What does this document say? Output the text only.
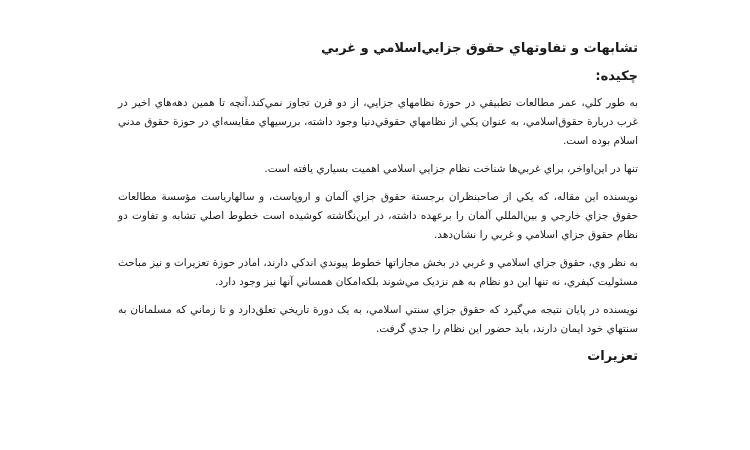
تشابهات و تفاوتهاي حقوق جزايي‌اسلامي و غربي
چکيده:

به طور کلي، عمر مطالعات تطبيقي در حوزة نظامهاي جزايي، از دو قرن تجاوز نمي‌کند.آنچه تا همين دهه‌هاي اخير در غرب دربارة حقوق‌اسلامي، به عنوان يکي از نظامهاي حقوقي‌دنيا وجود داشته، بررسيهاي مقايسه‌اي در حوزة حقوق مدني اسلام بوده است.

تنها در اين‌اواخر، براي غربي‌ها شناخت نظام جزايي اسلامي اهميت بسياري يافته است.

نويسنده اين مقاله، که يکي از صاحبنظران برجستة حقوق جزاي آلمان و اروپاست، و سالهارياست مؤسسة مطالعات حقوق جزاي خارجي و بين‌المللي آلمان را برعهده داشته، در اين‌نگاشته کوشيده است خطوط اصلي تشابه و تفاوت دو نظام حقوق جزاي اسلامي و غربي را نشان‌دهد.

به نظر وي، حقوق جزاي اسلامي و غربي در بخش مجازاتها خطوط پيوندي اندکي دارند، امادر حوزة تعزيرات و نيز مباحث مسئوليت کيفري، نه تنها اين دو نظام به هم نزديک مي‌شوند بلکه‌امکان همساني آنها نيز وجود دارد.

نويسنده در پايان نتيجه مي‌گيرد که حقوق جزاي سنتي اسلامي، به يک دورة تاريخي تعلق‌دارد و تا زماني که مسلمانان به سنتهاي خود ايمان دارند، بايد حضور اين نظام را جدي گرفت.

تعزيرات
